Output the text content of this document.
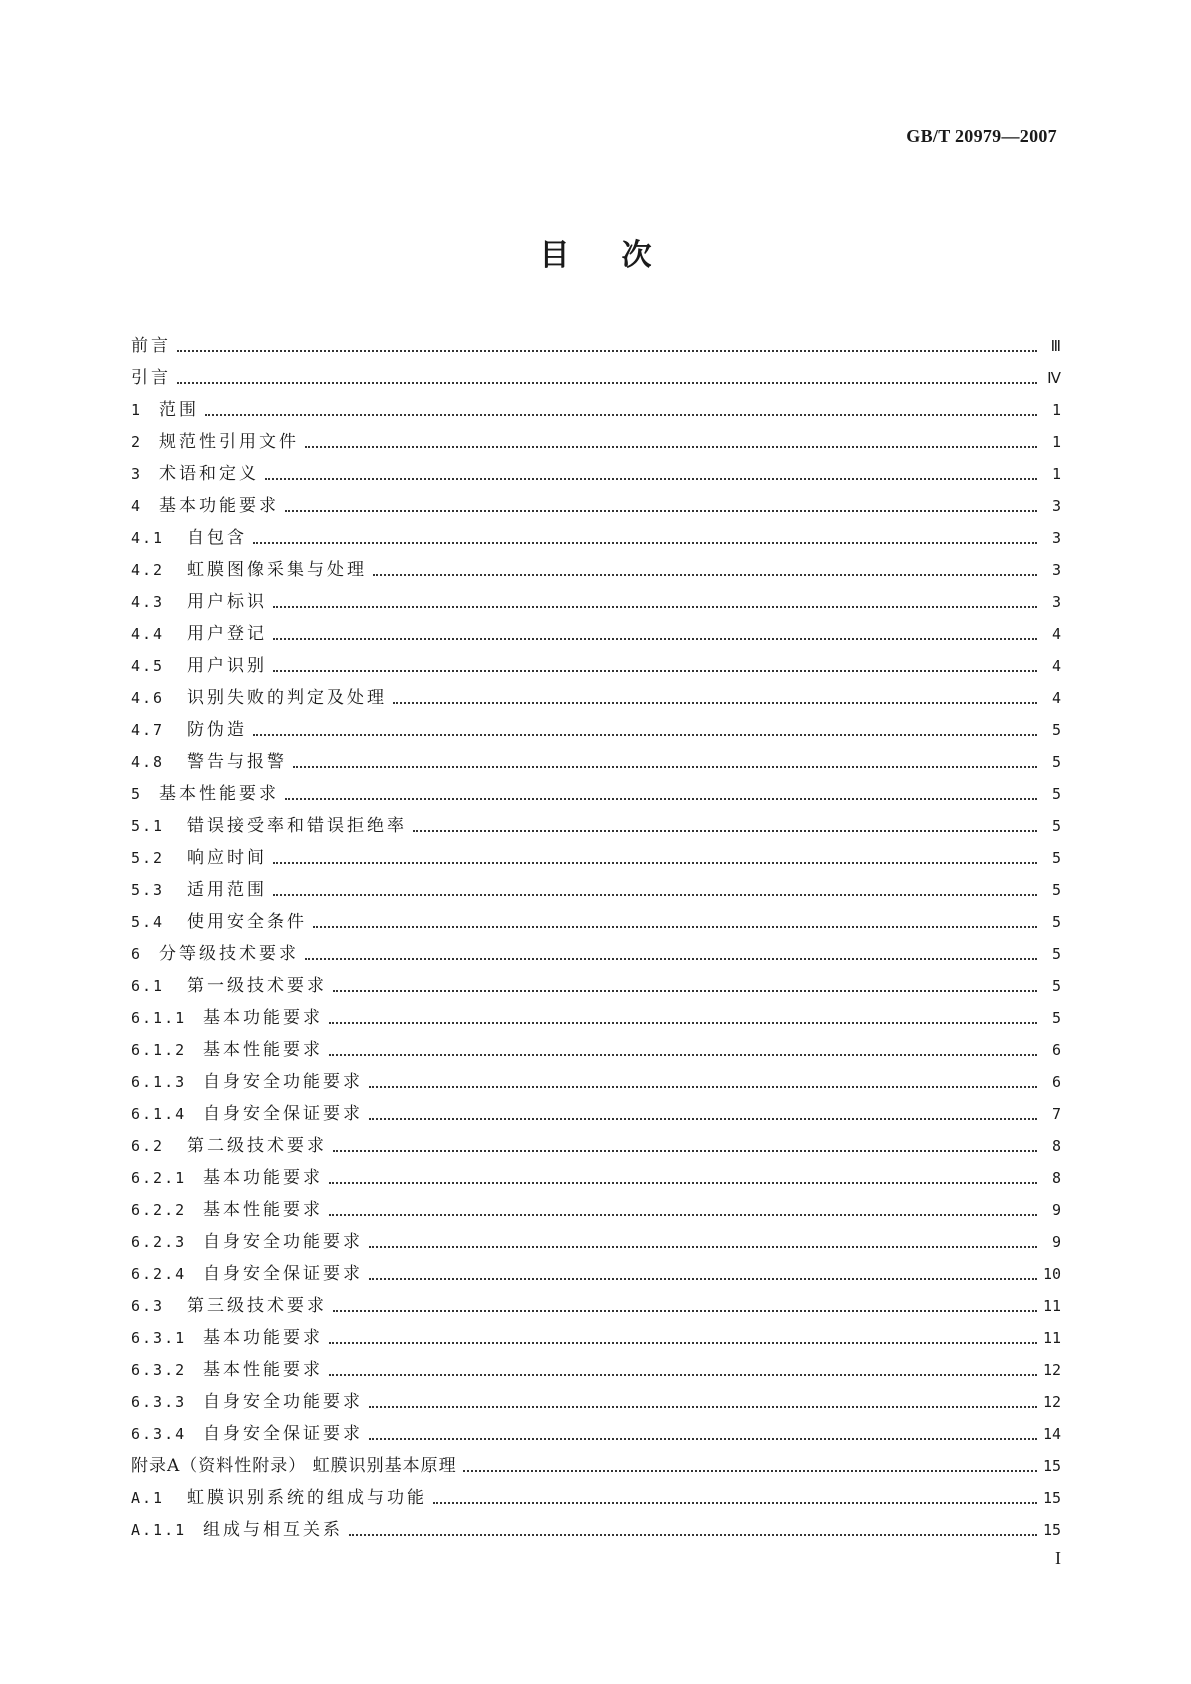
GB/T 20979—2007
目次
前言	Ⅲ
引言	Ⅳ
1 范围	1
2 规范性引用文件	1
3 术语和定义	1
4 基本功能要求	3
4.1	自包含	3
4.2	虹膜图像采集与处理	3
4.3	用户标识	3
4.4	用户登记	4
4.5	用户识别	4
4.6	识别失败的判定及处理	4
4.7	防伪造	5
4.8	警告与报警	5
5 基本性能要求	5
5.1	错误接受率和错误拒绝率	5
5.2	响应时间	5
5.3	适用范围	5
5.4	使用安全条件	5
6 分等级技术要求	5
6.1	第一级技术要求	5
6.1.1 基本功能要求	5
6.1.2 基本性能要求	6
6.1.3 自身安全功能要求	6
6.1.4 自身安全保证要求	7
6.2	第二级技术要求	8
6.2.1 基本功能要求	8
6.2.2 基本性能要求	9
6.2.3 自身安全功能要求	9
6.2.4 自身安全保证要求	10
6.3	第三级技术要求	11
6.3.1 基本功能要求	11
6.3.2 基本性能要求	12
6.3.3 自身安全功能要求	12
6.3.4 自身安全保证要求	14
附录A（资料性附录） 虹膜识别基本原理	15
A.1	虹膜识别系统的组成与功能	15
A.1.1 组成与相互关系	15
I
